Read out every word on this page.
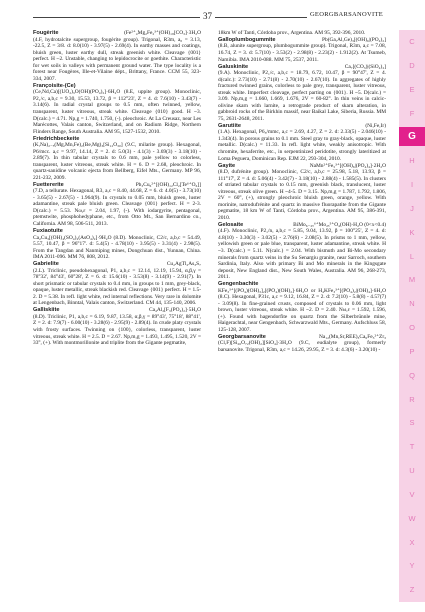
37	GEORGBARSANOVITE
Fougèrite	(Fe²⁺₄Mg₂Fe₂³⁺(OH)₁₈[CO₃]·3H₂O
(4.F, hydrotalcite supergroup, fougèrite group). Trigonal, R3m, a₀ = 3.13, -22.5, Z = 3/8. d: 8.0(10) - 3.97(5) - 2.69(4). In earthy masses and coatings, bluish green, luster earthy dull, streak greenish white. Cleavage {001} perfect. H ~2. Unstable, changing to lepidocrocite or goethite. Characteristic for wet soils in valleys with permanent ground water. The type locality is a forest near Fougères, Ille-et-Vilaine dépt., Brittany, France. CCM 55, 323-334, 2007.
Françoisite-(Ce)
(Ce,Nd,Ca)[(UO₂)₃O(OH)(PO₄)₂]·6H₂O (8.E, uppite group). Monoclinic, P2₁/c, a,b,c = 9.30, 15.53, 13.72, β = 112°23', Z = 4. d: 7.6(10) - 3.43(7) - 3.14(6). In radial crystal groups to 0.5 mm, often twinned, yellow, transparent, luster vitreous, streak white. Cleavage {010} good. H ~3. D(calc.) = 4.71. Np,g = 1.740, 1.750, (-). pleochroic. At La Creusaz, near Les Marécottes, Valais canton, Switzerland, and on Radium Ridge, Northern Flinders Range, South Australia. AM 95, 1527-1532, 2010.
Friedrichbeckeite
(K,Na)₂₋ₓ(Mg,Mn,Fe)₂(Be,Mg)₃[Si₁₂O₃₀] (9.C, milarite group). Hexagonal, P6/mcc. a,c = 9.97, 14.14, Z = 2. d: 5.0(3) - 4.1(3) - 3.69(3) - 3.18(10) - 2.89(7). In thin tabular crystals to 0.6 mm, pale yellow to colorless, transparent, luster vitreous, streak white. H = 6. D = 2.68, pleochroic. In quartz-sanidine volcanic ejecta from Bellberg, Eifel Mts., Germany. MP 96, 221-232, 2009.
Fuettererite	Pb₃Cu₆²⁺[(OH)₁₂Cl₂[Te⁶⁺O₆]]
(7.D, a tellurate. Hexagonal, R3, a,c = 8.40, 44.68, Z = 6. d: 4.0(5) - 3.73(10) - 3.65(5) - 2.67(5) - 1.964(9). In crystals to 0.05 mm, bluish green, luster adamantine, streak pale bluish green. Cleavage {001} perfect. H = 2-3. D(calc.) = 5.53. Nω,ε = 2.04, 1.97, (-). With iodargyrite, pentagonal, ptemstwite, phosphohedyphane, etc., from Otto Mt., San Bernardino co., California. AM 98, 506-511, 2013.
Fuxiaotuite
Ca₂Cu₃[(OH)₄(SO₄)₂(AsO₄)₂]·9H₂O (8.D). Monoclinic, C2/c, a,b,c = 54.49, 5.57, 10.47, β = 96°17'. d: 5.4(5) - 4.78(10) - 3.95(5) - 3.31(4) - 2.98(5). From the Tangdan and Nanmiping mines, Dongchuan dist., Yunnan, China. IMA 2011-096. MM 76, 808, 2012.
Gabrielite	Cu₂AgTl₂As₃S₇
(2.L). Triclinic, pseudohexagonal, P1, a,b,c = 12.14, 12.19, 15.94, α,β,γ = 78°32', 84°43', 60°28', Z = 6. d: 15.6(10) - 3.53(8) - 3.14(9) - 2.91(7). In short prismatic or tabular crystals to 0.4 mm, in groups to 1 mm, grey-black, opaque, luster metallic, streak blackish red. Cleavage {001} perfect. H = 1.5-2. D = 5.38. In refl. light white, red internal reflections. Very rare in dolomite at Lengenbach, Binntal, Valais canton, Switzerland. CM 44, 135-140, 2006.
Galliskiite	Ca₄Al₂[F₃(PO₄)₂]·5H₂O
(8.D). Triclinic, P1, a,b,c = 6.19, 9.87, 13.58, α,β,γ = 89°43', 75°18', 88°41', Z = 2. d: 7.9(7) - 6.00(10) - 3.28(6) - 2.95(9) - 2.89(4). In crude platy crystals with frosty surfaces. Twinning on {100}, colorless, transparent, luster vitreous, streak white. H = 2.5. D = 2.67. Np,m,g = 1.493, 1.495, 1.520, 2V = 33°, (+). With montmorillonite and triplite from the Gigante pegmatite,
18km W of Tanti, Córdoba prov., Argentina. AM 95, 392-396, 2010.
Galloplumbogummite	Pb(Ga,Al,Ge)₃[(OH)₆|(PO₄)₂]
(8.B, alunite supergroup, plumbogummite group). Trigonal, R3m, a,c = 7.08, 16.74, Z = 3. d: 5.7(10) - 3.53(2) - 2.98(8) - 2.23(2) - 1.912(2). At Tsumeb, Namibia. IMA 2010-088. MM 75, 2537, 2011.
Galuskinite	Ca₇[(CO₃)|(SiO₄)₂]
(9.A). Monoclinic, P2₁/c, a,b,c = 18.79, 6.72, 10.47, β = 90°47', Z = 4. d(calc.): 2.73(10) - 2.71(8) - 2.70(10) - 2.67(10). In aggregates of highly fractured twinned grains, colorless to pale grey, transparent, luster vitreous, streak white. Imperfect cleavage, perfect parting on {001}. H ~5. D(calc.) = 3.09. Np,m,g = 1.660, 1.669, 1.676, 2V = 60-82°. In thin veins in calcic-olivine skarn with larnite, a retrograde product of skarn alteration, in gabbroid rocks of the Birkhin massif, near Baikal Lake, Siberia, Russia. MM 75, 2631-2648, 2011.
Garutiite	(Ni,Fe,Ir)
(1.A). Hexagonal, P6₃/mmc, a,c = 2.69, 4.27, Z = 2. d: 2.33(5) - 2.046(10) - 1.343(4). In porous grains to 0.1 mm. Steel gray to gray-black, opaque, luster metallic. D(calc.) = 11.33. In refl. light white, weakly anisotropic. With chromite, hexaferrite, etc., in serpentinized peridotite, strongly lateritized at Loma Peguera, Dominican Rep. EJM 22, 293-304, 2010.
Gayite	NaMn²⁺Fe₅³⁺[(OH)₆|(PO₄)₄]·2H₂O
(8.D, dufrénite group). Monoclinic, C2/c, a,b,c = 25.98, 5.18, 13.93, β = 111°17', Z = 4. d: 5.06(4) - 3.42(7) - 3.18(10) - 2.88(4) - 1.585(5). In clusters of striated tabular crystals to 0.15 mm, greenish black, translucent, luster vitreous, streak olive green. H ~4-5. D = 3.15. Np,m,g = 1.787, 1.792, 1.806, 2V = 60°, (+), strongly pleochroic bluish green, orange, yellow. With morinite, natrodufrénite and quartz in massive fluorapatite from the Gigante pegmatite, 18 km W of Tanti, Córdoba prov., Argentina. AM 95, 386-391, 2010.
Gelosaite	BiMo₆₋₂ₓ⁶⁺Mo₂ₓ⁵⁺O₄(OH)·H₂O (0<x<0.4)
(4.F). Monoclinic, P2₁/n, a,b,c = 5.85, 9.04, 13.92, β = 100°25', Z = 4. d: 4.8(10) - 3.30(3) - 3.02(5) - 2.76(6) - 2.08(5). In prisms to 1 mm, yellow, yellowish green or pale blue, transparent, luster adamantine, streak white. H ~3. D(calc.) = 5.11. N(calc.) = 2.04. With bismuth and Bi-Mo secondary minerals from quartz veins in the Su Senargiu granite, near Sarroch, southern Sardinia, Italy. Also with primary Bi and Mo minerals in the Kingsgate deposit, New England dist., New South Wales, Australia. AM 96, 268-273, 2011.
Gengenbachite
KFe₃³⁺[(PO₄)(OH)₃]₂[(PO₄)(OH)₂]·6H₂O or H₄KFe₃³⁺[(PO₄)₂|(OH)₄]·6H₂O (8.C). Hexagonal, P31c, a,c = 9.12, 16.84, Z = 2. d: 7.2(10) - 5.8(8) - 4.57(7) - 3.09(8). In fine-grained crusts, composed of crystals to 0.06 mm, light brown, luster vitreous, streak white. H ~2. D = 2.40. Nω,ε = 1.592, 1.596, (+). Found with hagendorfite on quartz from the Silberbrünnle mine, Haigerachtal, near Gengenbach, Schwarzwald Mts., Germany. Aufschluss 58, 125-128, 2007.
Georgbarsanovite	Na₁₂(Mn,Sr,REE)₃Ca₆Fe₃²⁺Zr₃
(Cl,F)[Si₂₆O₇₂(OH)₂][SiO₄]·3H₂O (9.C, eudialyte group), formerly barsanovite. Trigonal, R3m, a,c = 14.26, 29.95, Z = 3. d: 4.3(6) - 3.20(10) -
C
D
E
F
G
H
I
J
K
L
M
N
O
P
Q
R
S
T
U
V
W
X
Y
Z
